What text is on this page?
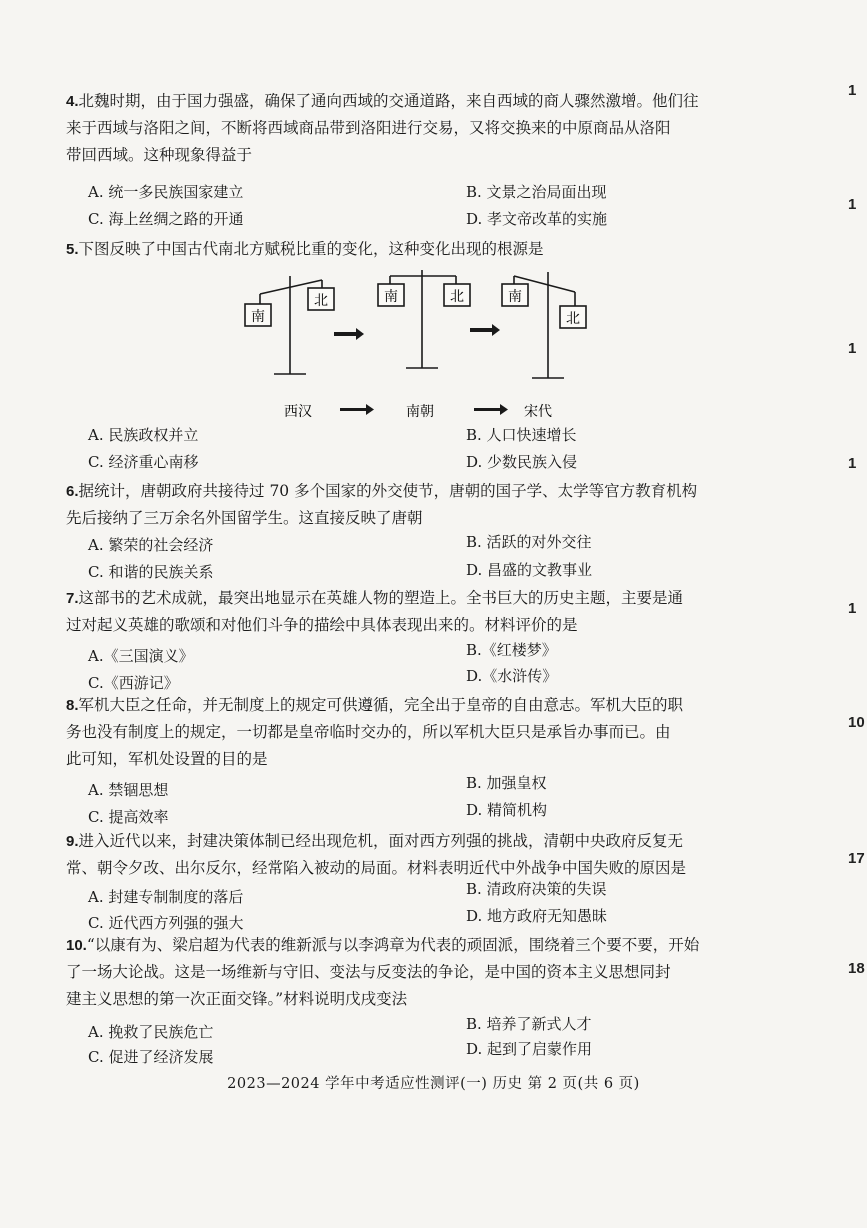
4.北魏时期，由于国力强盛，确保了通向西域的交通道路，来自西域的商人骤然激增。他们往
来于西域与洛阳之间，不断将西域商品带到洛阳进行交易，又将交换来的中原商品从洛阳
带回西域。这种现象得益于
A. 统一多民族国家建立	B. 文景之治局面出现
C. 海上丝绸之路的开通	D. 孝文帝改革的实施
5.下图反映了中国古代南北方赋税比重的变化，这种变化出现的根源是
南
北	南	北	南
北
西汉	南朝	宋代
A. 民族政权并立	B. 人口快速增长
C. 经济重心南移	D. 少数民族入侵
6.据统计，唐朝政府共接待过 70 多个国家的外交使节，唐朝的国子学、太学等官方教育机构
先后接纳了三万余名外国留学生。这直接反映了唐朝
A. 繁荣的社会经济	B. 活跃的对外交往
C. 和谐的民族关系	D. 昌盛的文教事业
7.这部书的艺术成就，最突出地显示在英雄人物的塑造上。全书巨大的历史主题，主要是通
过对起义英雄的歌颂和对他们斗争的描绘中具体表现出来的。材料评价的是
A.《三国演义》	B.《红楼梦》
C.《西游记》	D.《水浒传》
8.军机大臣之任命，并无制度上的规定可供遵循，完全出于皇帝的自由意志。军机大臣的职
务也没有制度上的规定，一切都是皇帝临时交办的，所以军机大臣只是承旨办事而已。由
此可知，军机处设置的目的是
A. 禁锢思想	B. 加强皇权
C. 提高效率	D. 精简机构
9.进入近代以来，封建决策体制已经出现危机，面对西方列强的挑战，清朝中央政府反复无
常、朝令夕改、出尔反尔，经常陷入被动的局面。材料表明近代中外战争中国失败的原因是
A. 封建专制制度的落后	B. 清政府决策的失误
C. 近代西方列强的强大	D. 地方政府无知愚昧
10.“以康有为、梁启超为代表的维新派与以李鸿章为代表的顽固派，围绕着三个要不要，开始
了一场大论战。这是一场维新与守旧、变法与反变法的争论，是中国的资本主义思想同封
建主义思想的第一次正面交锋。”材料说明戊戌变法
A. 挽救了民族危亡	B. 培养了新式人才
C. 促进了经济发展	D. 起到了启蒙作用
1
1
1
1
1
10
17
18
2023—2024 学年中考适应性测评(一) 历史 第 2 页(共 6 页)
